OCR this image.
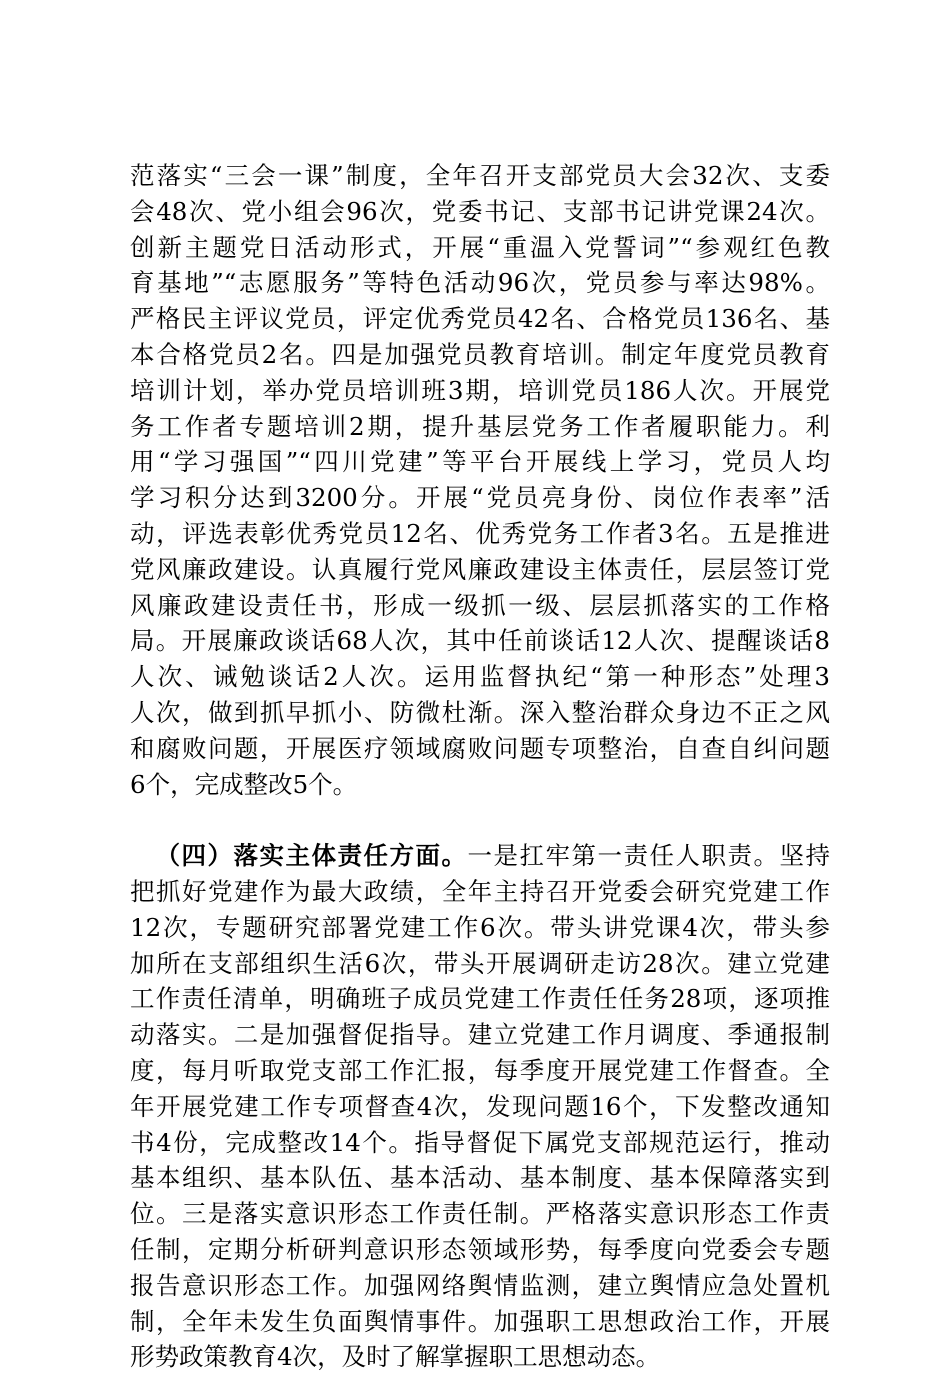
范落实“三会一课”制度，全年召开支部党员大会32次、支委
会48次、党小组会96次，党委书记、支部书记讲党课24次。
创新主题党日活动形式，开展“重温入党誓词”“参观红色教
育基地”“志愿服务”等特色活动96次，党员参与率达98%。
严格民主评议党员，评定优秀党员42名、合格党员136名、基
本合格党员2名。四是加强党员教育培训。制定年度党员教育
培训计划，举办党员培训班3期，培训党员186人次。开展党
务工作者专题培训2期，提升基层党务工作者履职能力。利
用“学习强国”“四川党建”等平台开展线上学习，党员人均
学习积分达到3200分。开展“党员亮身份、岗位作表率”活
动，评选表彰优秀党员12名、优秀党务工作者3名。五是推进
党风廉政建设。认真履行党风廉政建设主体责任，层层签订党
风廉政建设责任书，形成一级抓一级、层层抓落实的工作格
局。开展廉政谈话68人次，其中任前谈话12人次、提醒谈话8
人次、诫勉谈话2人次。运用监督执纪“第一种形态”处理3
人次，做到抓早抓小、防微杜渐。深入整治群众身边不正之风
和腐败问题，开展医疗领域腐败问题专项整治，自查自纠问题
6个，完成整改5个。
（四）落实主体责任方面。一是扛牢第一责任人职责。坚持
把抓好党建作为最大政绩，全年主持召开党委会研究党建工作
12次，专题研究部署党建工作6次。带头讲党课4次，带头参
加所在支部组织生活6次，带头开展调研走访28次。建立党建
工作责任清单，明确班子成员党建工作责任任务28项，逐项推
动落实。二是加强督促指导。建立党建工作月调度、季通报制
度，每月听取党支部工作汇报，每季度开展党建工作督查。全
年开展党建工作专项督查4次，发现问题16个，下发整改通知
书4份，完成整改14个。指导督促下属党支部规范运行，推动
基本组织、基本队伍、基本活动、基本制度、基本保障落实到
位。三是落实意识形态工作责任制。严格落实意识形态工作责
任制，定期分析研判意识形态领域形势，每季度向党委会专题
报告意识形态工作。加强网络舆情监测，建立舆情应急处置机
制，全年未发生负面舆情事件。加强职工思想政治工作，开展
形势政策教育4次，及时了解掌握职工思想动态。
